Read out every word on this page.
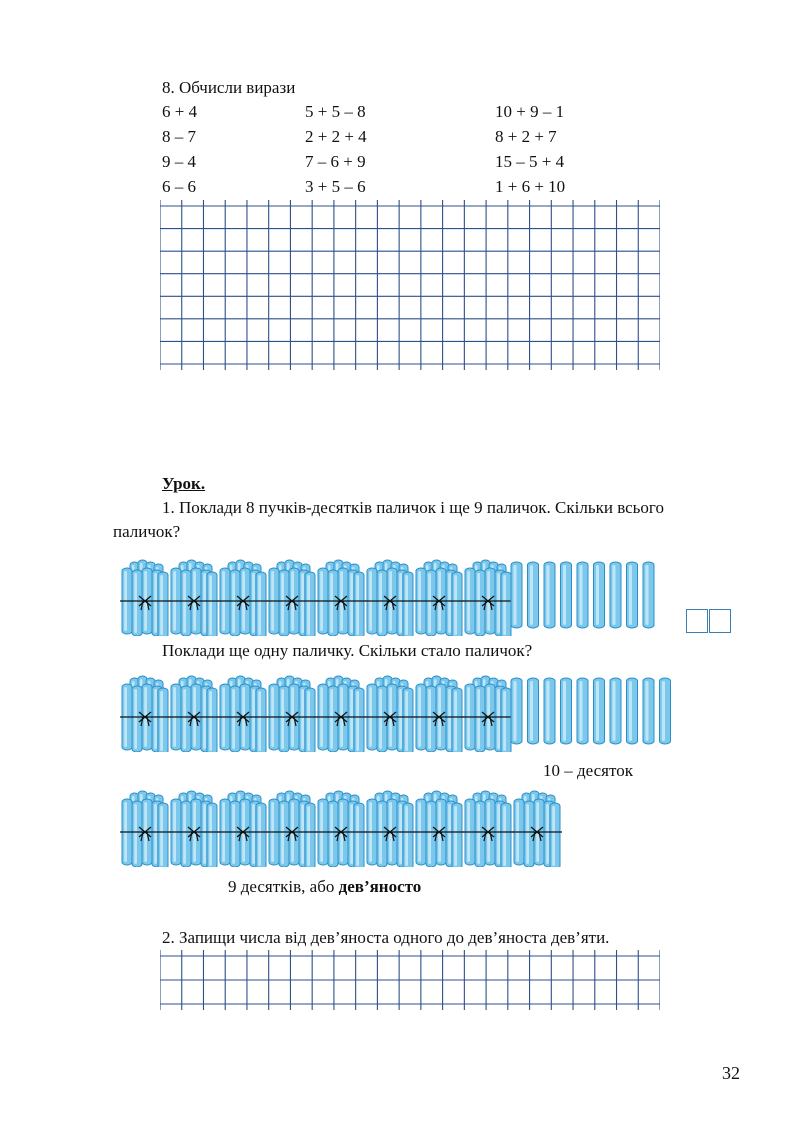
8. Обчисли вирази
6 + 4
8 – 7
9 – 4
6 – 6
5 + 5 – 8
2 + 2 + 4
7 – 6 + 9
3 + 5 – 6
10 + 9 – 1
8 + 2 + 7
15 – 5 + 4
1 + 6 + 10
Урок.
1. Поклади 8 пучків-десятків паличок і ще 9 паличок. Скільки всього
паличок?
Поклади ще одну паличку. Скільки стало паличок?
10 – десяток
9 десятків, або дев’яносто
2. Запищи числа від дев’яноста одного до дев’яноста дев’яти.
32
